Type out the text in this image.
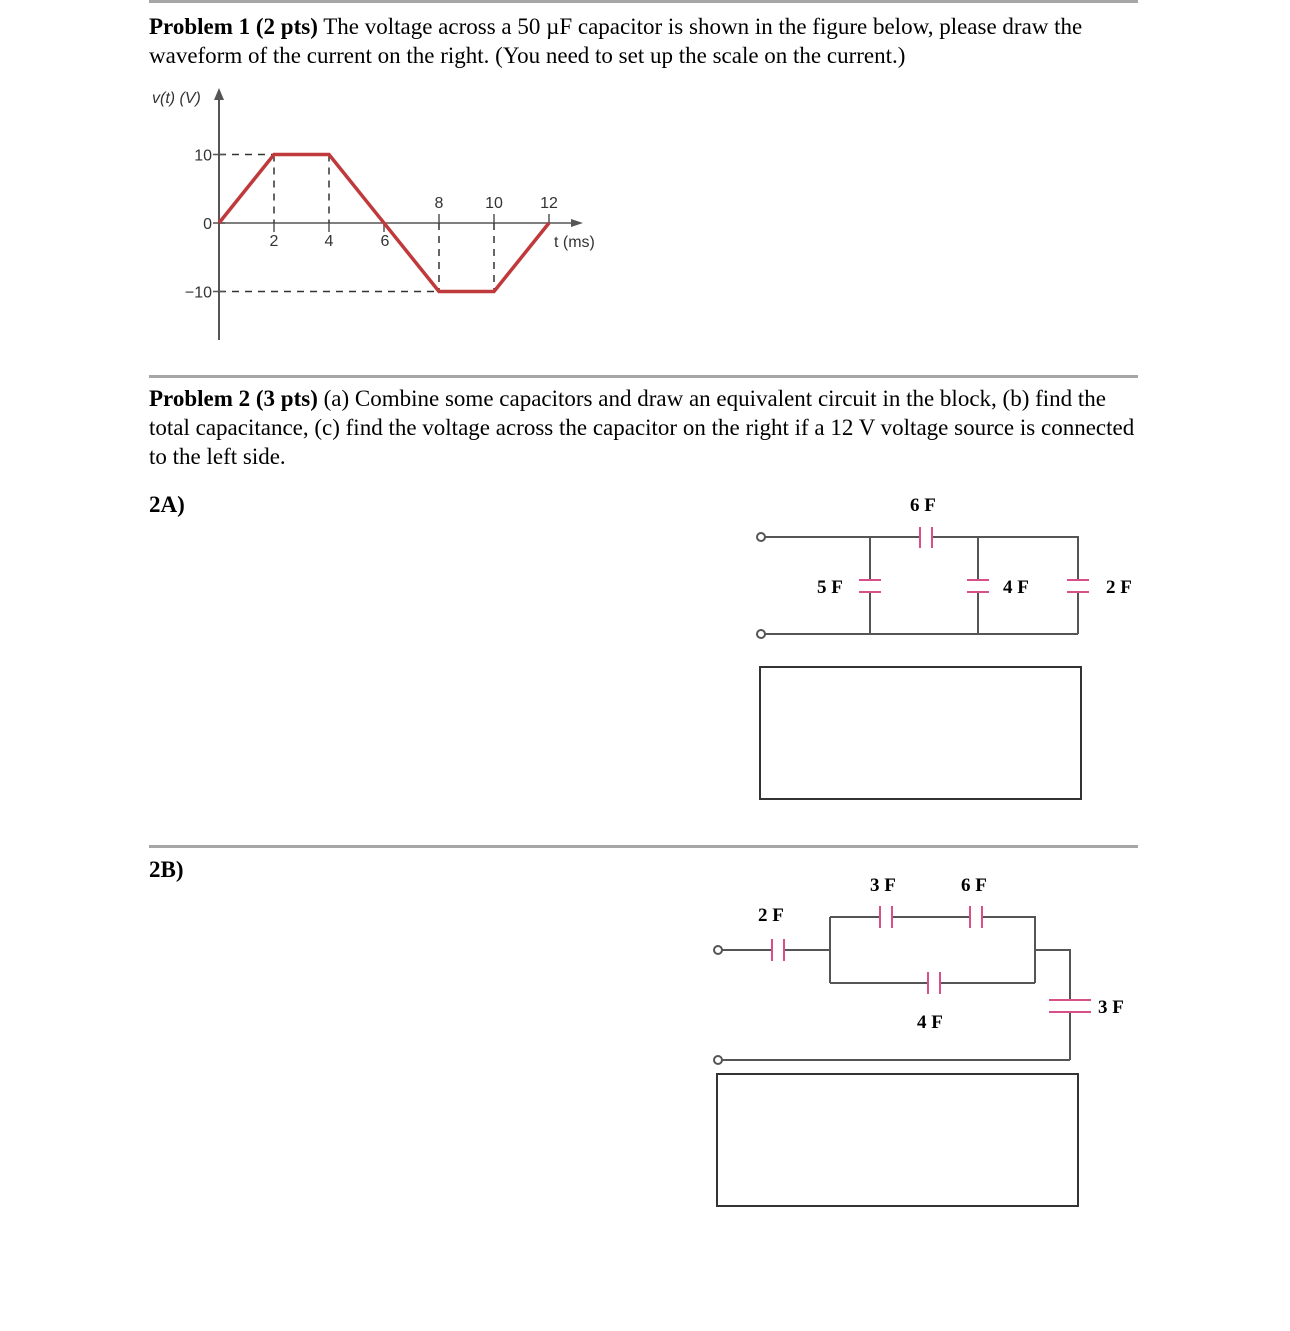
Problem 1 (2 pts) The voltage across a 50 µF capacitor is shown in the figure below, please draw the waveform of the current on the right. (You need to set up the scale on the current.)
v(t) (V)
t (ms)
10
0
−10
2	4	6
8	10 12
Problem 2 (3 pts) (a) Combine some capacitors and draw an equivalent circuit in the block, (b) find the total capacitance, (c) find the voltage across the capacitor on the right if a 12 V voltage source is connected to the left side.
2A)	6 F
5 F	4 F	2 F
2B)
3 F	6 F
2 F
4 F
3 F
